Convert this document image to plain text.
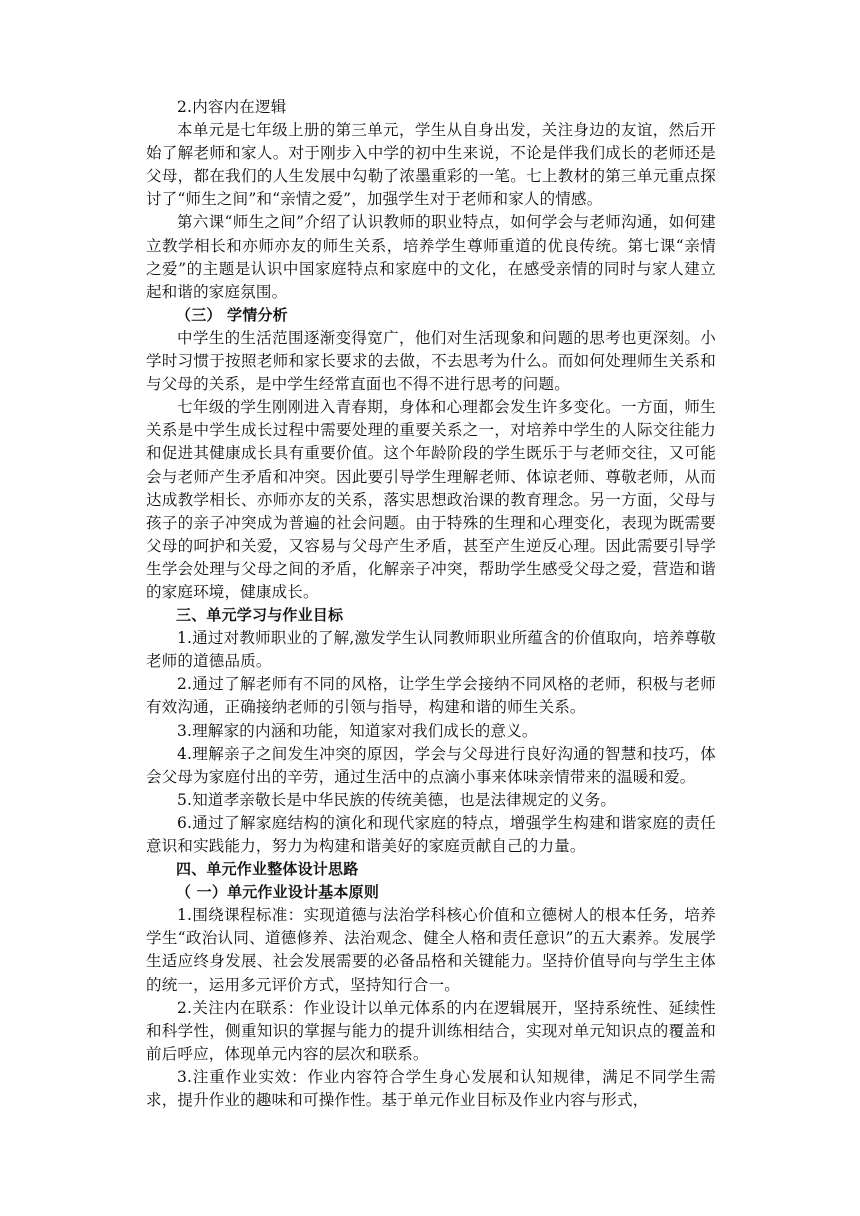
2.内容内在逻辑

本单元是七年级上册的第三单元，学生从自身出发，关注身边的友谊，然后开始了解老师和家人。对于刚步入中学的初中生来说，不论是伴我们成长的老师还是父母，都在我们的人生发展中勾勒了浓墨重彩的一笔。七上教材的第三单元重点探讨了“师生之间”和“亲情之爱”，加强学生对于老师和家人的情感。

第六课“师生之间”介绍了认识教师的职业特点，如何学会与老师沟通，如何建立教学相长和亦师亦友的师生关系，培养学生尊师重道的优良传统。第七课“亲情之爱”的主题是认识中国家庭特点和家庭中的文化，在感受亲情的同时与家人建立起和谐的家庭氛围。

（三） 学情分析

中学生的生活范围逐渐变得宽广，他们对生活现象和问题的思考也更深刻。小学时习惯于按照老师和家长要求的去做，不去思考为什么。而如何处理师生关系和与父母的关系，是中学生经常直面也不得不进行思考的问题。

七年级的学生刚刚进入青春期，身体和心理都会发生许多变化。一方面，师生关系是中学生成长过程中需要处理的重要关系之一，对培养中学生的人际交往能力和促进其健康成长具有重要价值。这个年龄阶段的学生既乐于与老师交往，又可能会与老师产生矛盾和冲突。因此要引导学生理解老师、体谅老师、尊敬老师，从而达成教学相长、亦师亦友的关系，落实思想政治课的教育理念。另一方面，父母与孩子的亲子冲突成为普遍的社会问题。由于特殊的生理和心理变化，表现为既需要父母的呵护和关爱，又容易与父母产生矛盾，甚至产生逆反心理。因此需要引导学生学会处理与父母之间的矛盾，化解亲子冲突，帮助学生感受父母之爱，营造和谐的家庭环境，健康成长。

三、单元学习与作业目标

1.通过对教师职业的了解,激发学生认同教师职业所蕴含的价值取向，培养尊敬老师的道德品质。

2.通过了解老师有不同的风格，让学生学会接纳不同风格的老师，积极与老师有效沟通，正确接纳老师的引领与指导，构建和谐的师生关系。

3.理解家的内涵和功能，知道家对我们成长的意义。

4.理解亲子之间发生冲突的原因，学会与父母进行良好沟通的智慧和技巧，体会父母为家庭付出的辛劳，通过生活中的点滴小事来体味亲情带来的温暖和爱。

5.知道孝亲敬长是中华民族的传统美德，也是法律规定的义务。

6.通过了解家庭结构的演化和现代家庭的特点，增强学生构建和谐家庭的责任意识和实践能力，努力为构建和谐美好的家庭贡献自己的力量。

四、单元作业整体设计思路

（ 一）单元作业设计基本原则

1.围绕课程标准：实现道德与法治学科核心价值和立德树人的根本任务，培养学生“政治认同、道德修养、法治观念、健全人格和责任意识”的五大素养。发展学生适应终身发展、社会发展需要的必备品格和关键能力。坚持价值导向与学生主体的统一，运用多元评价方式，坚持知行合一。

2.关注内在联系：作业设计以单元体系的内在逻辑展开，坚持系统性、延续性和科学性，侧重知识的掌握与能力的提升训练相结合，实现对单元知识点的覆盖和前后呼应，体现单元内容的层次和联系。

3.注重作业实效：作业内容符合学生身心发展和认知规律，满足不同学生需求，提升作业的趣味和可操作性。基于单元作业目标及作业内容与形式，
